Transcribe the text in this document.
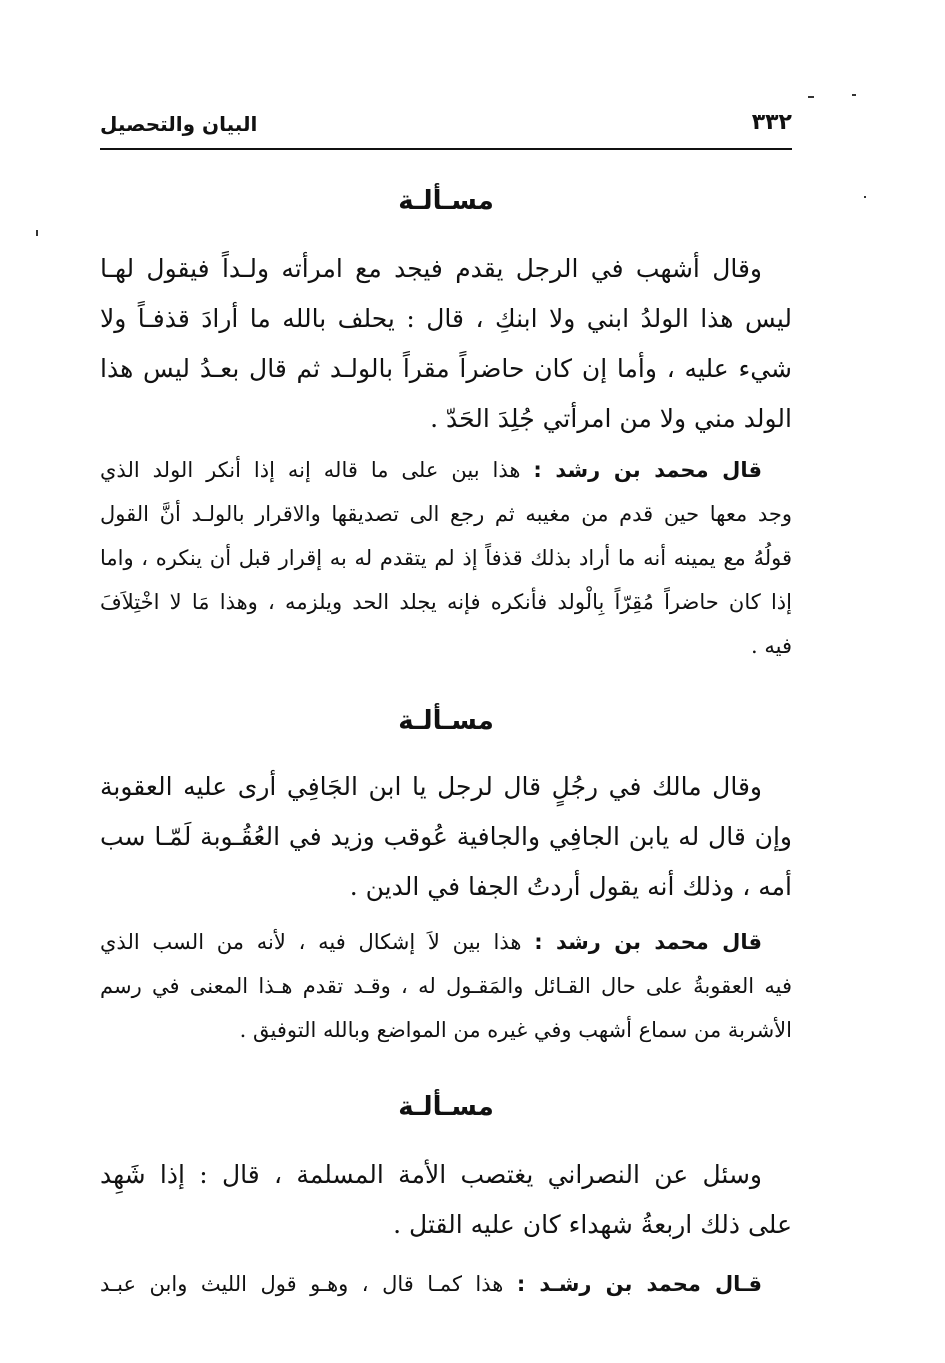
٣٣٢
البيان والتحصيل
مسـألـة
وقال أشهب في الرجل يقدم فيجد مع امرأته ولـداً فيقول لهـا
ليس هذا الولدُ ابني ولا ابنكِ ، قال : يحلف بالله ما أرادَ قذفـاً ولا
شيء عليه ، وأما إن كان حاضراً مقراً بالولـد ثم قال بعـدُ ليس هذا
الولد مني ولا من امرأتي جُلِدَ الحَدّ .
قال محمد بن رشد : هذا بين على ما قاله إنه إذا أنكر الولد الذي
وجد معها حين قدم من مغيبه ثم رجع الى تصديقها والاقرار بالولـد أنَّ القول
قولُهُ مع يمينه أنه ما أراد بذلك قذفاً إذ لم يتقدم له به إقرار قبل أن ينكره ، واما
إذا كان حاضراً مُقِرّاً بِالْولد فأنكره فإنه يجلد الحد ويلزمه ، وهذا مَا لا اخْتِلاَفَ
فيه .
مسـألـة
وقال مالك في رجُلٍ قال لرجل يا ابن الجَافِي أرى عليه العقوبة
وإن قال له يابن الجافِي والجافية عُوقب وزيد في العُقُـوبة لَمّـا سب
أمه ، وذلك أنه يقول أردتُ الجفا في الدين .
قال محمد بن رشد : هذا بين لاَ إشكال فيه ، لأنه من السب الذي
فيه العقوبةُ على حال القـائل والمَقـول له ، وقـد تقدم هـذا المعنى في رسم
الأشربة من سماع أشهب وفي غيره من المواضع وبالله التوفيق .
مسـألـة
وسئل عن النصراني يغتصب الأمة المسلمة ، قال : إذا شَهِد
على ذلك اربعةُ شهداء كان عليه القتل .
قـال محمد بن رشـد : هذا كمـا قال ، وهـو قول الليث وابن عبـد
